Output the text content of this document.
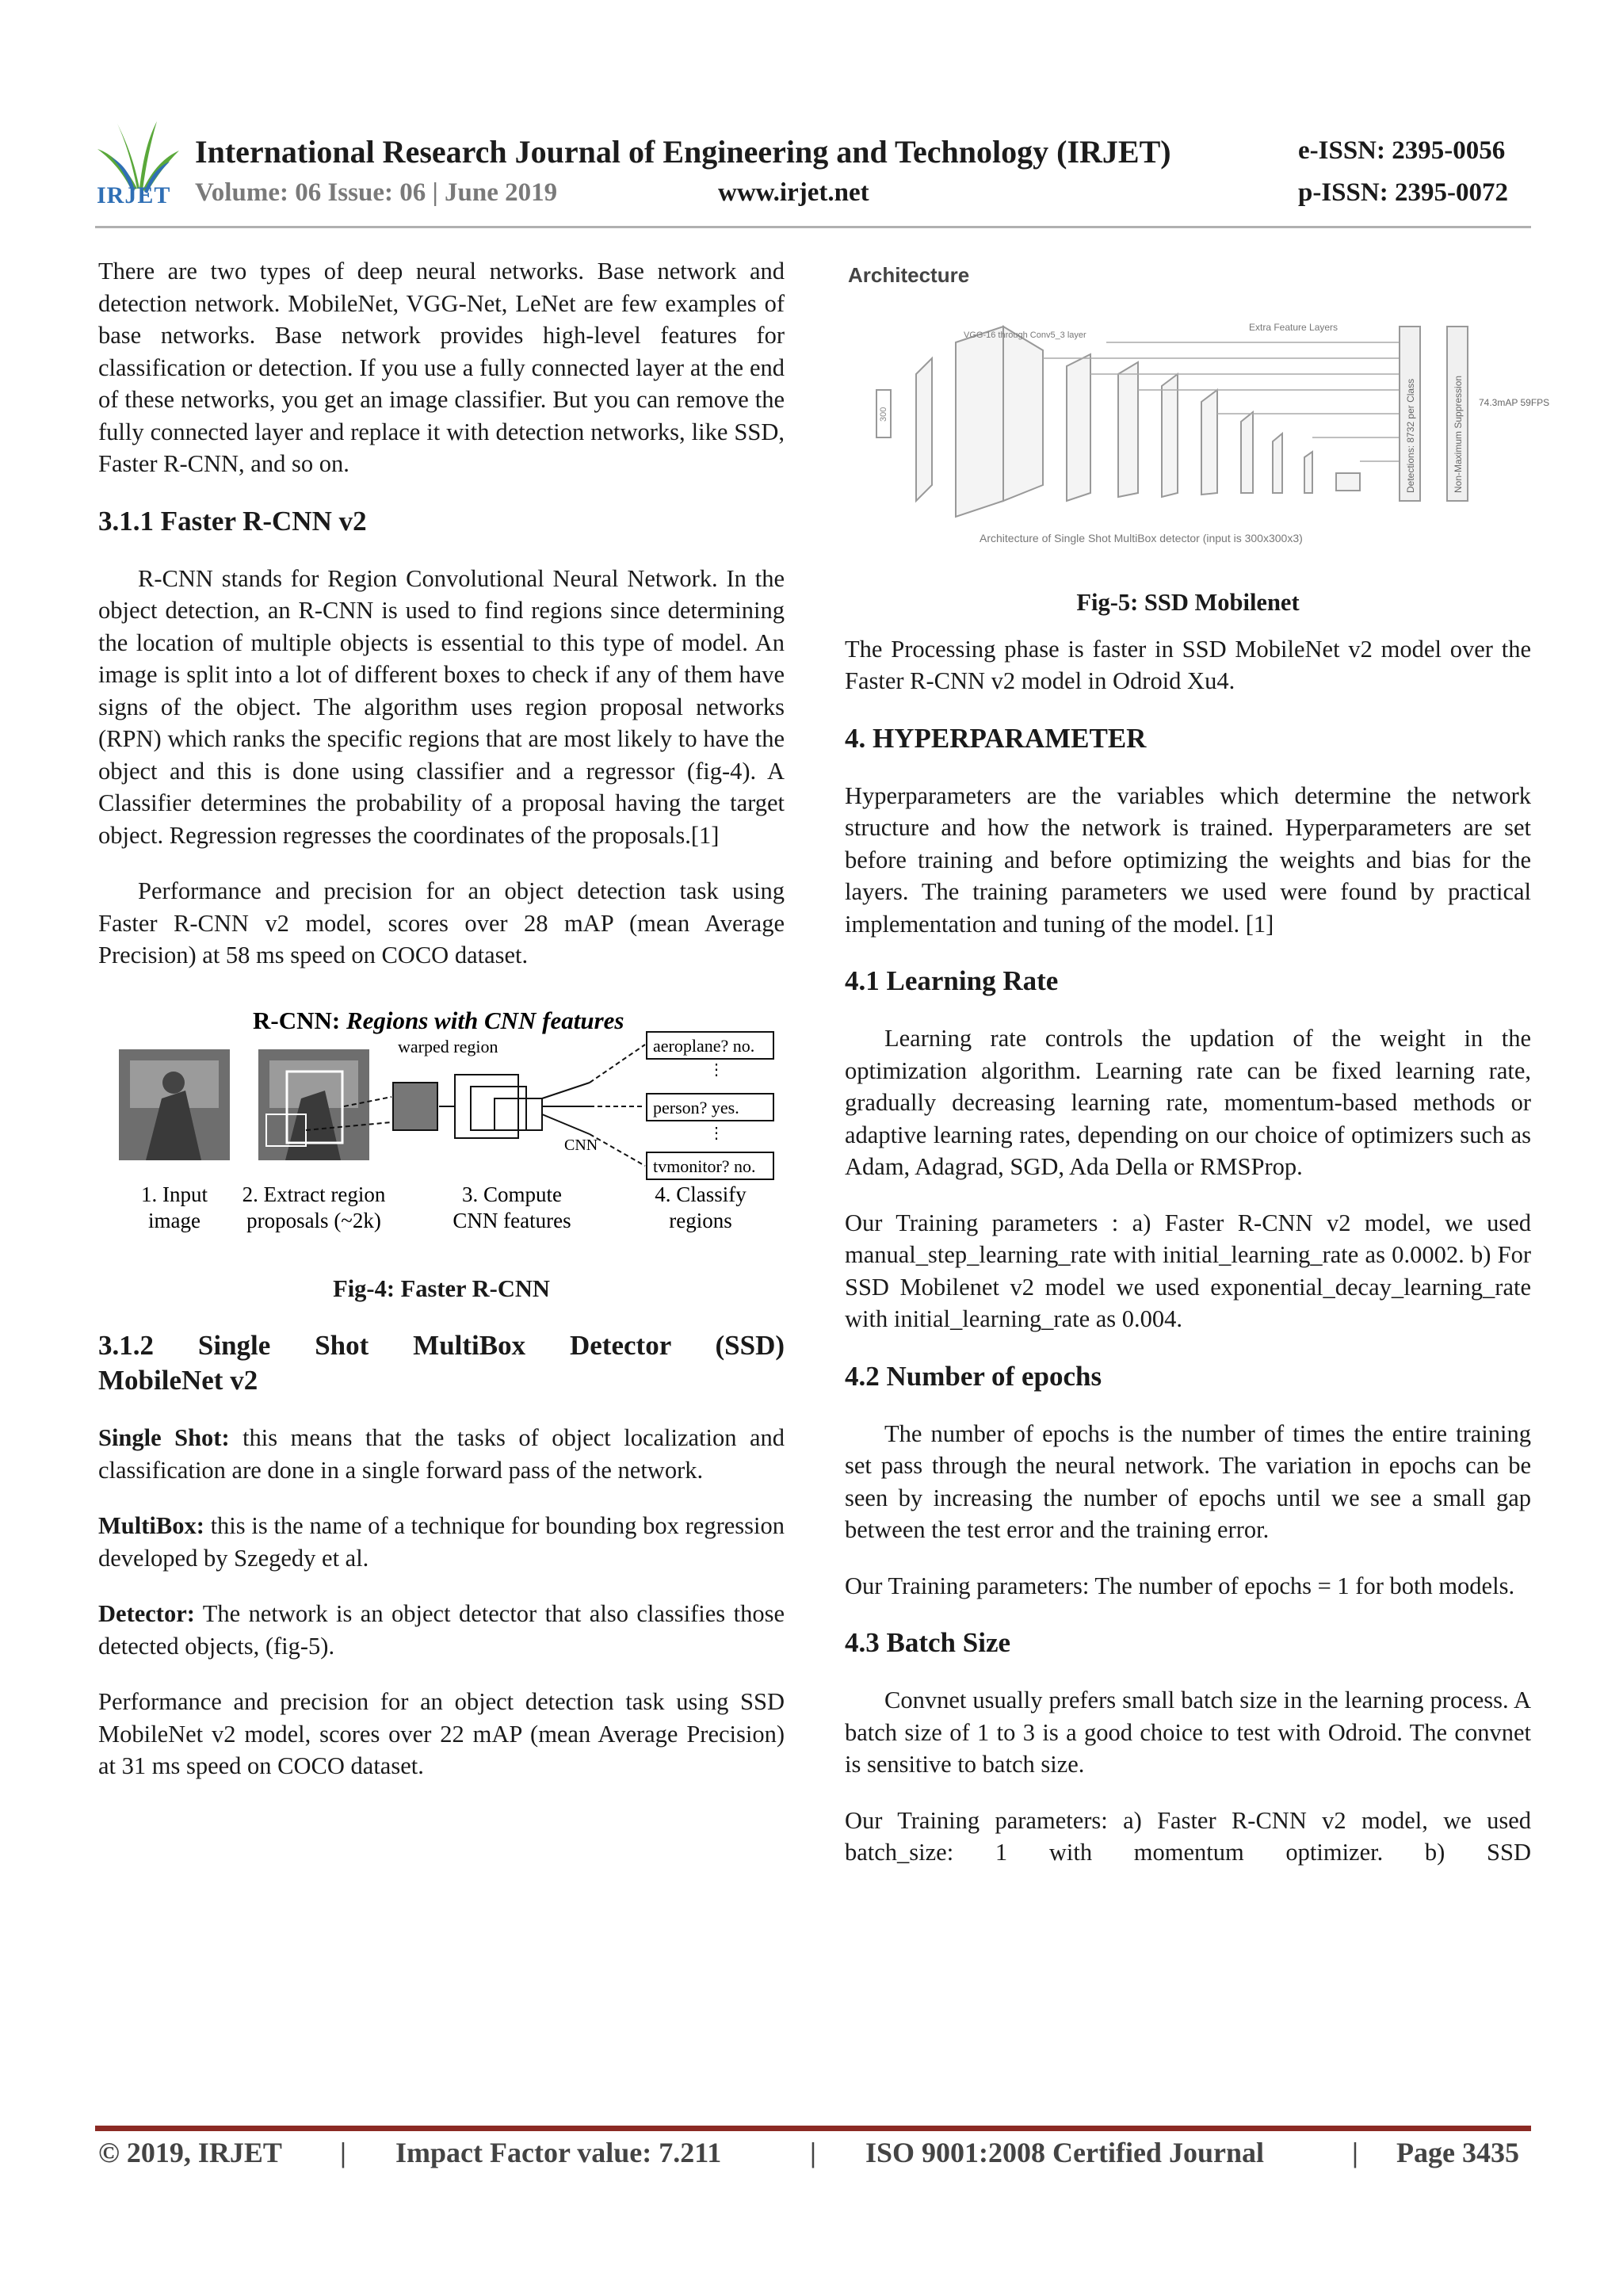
IRJET
International Research Journal of Engineering and Technology (IRJET)	e-ISSN: 2395-0056
Volume: 06 Issue: 06 | June 2019	www.irjet.net	p-ISSN: 2395-0072

There are two types of deep neural networks. Base network and detection network. MobileNet, VGG-Net, LeNet are few examples of base networks. Base network provides high-level features for classification or detection. If you use a fully connected layer at the end of these networks, you get an image classifier. But you can remove the fully connected layer and replace it with detection networks, like SSD, Faster R-CNN, and so on.

3.1.1 Faster R-CNN v2

R-CNN stands for Region Convolutional Neural Network. In the object detection, an R-CNN is used to find regions since determining the location of multiple objects is essential to this type of model. An image is split into a lot of different boxes to check if any of them have signs of the object. The algorithm uses region proposal networks (RPN) which ranks the specific regions that are most likely to have the object and this is done using classifier and a regressor (fig-4). A Classifier determines the probability of a proposal having the target object. Regression regresses the coordinates of the proposals.[1]

Performance and precision for an object detection task using Faster R-CNN v2 model, scores over 28 mAP (mean Average Precision) at 58 ms speed on COCO dataset.

R-CNN: Regions with CNN features
warped region
CNN
aeroplane? no.
person? yes.
tvmonitor? no.
⋮
⋮
1. Input
image
2. Extract region
proposals (~2k)
3. Compute
CNN features
4. Classify
regions
Fig-4: Faster R-CNN
3.1.2 Single Shot MultiBox Detector (SSD)
MobileNet v2

Single Shot: this means that the tasks of object localization and classification are done in a single forward pass of the network.

MultiBox: this is the name of a technique for bounding box regression developed by Szegedy et al.

Detector: The network is an object detector that also classifies those detected objects, (fig-5).

Performance and precision for an object detection task using SSD MobileNet v2 model, scores over 22 mAP (mean Average Precision) at 31 ms speed on COCO dataset.

Architecture
300
VGG-16 through Conv5_3 layer
Extra Feature Layers
Detections: 8732 per Class	Non-Maximum Suppression 74.3mAP 59FPS
Architecture of Single Shot MultiBox detector (input is 300x300x3)
Fig-5: SSD Mobilenet

The Processing phase is faster in SSD MobileNet v2 model over the Faster R-CNN v2 model in Odroid Xu4.

4. HYPERPARAMETER

Hyperparameters are the variables which determine the network structure and how the network is trained. Hyperparameters are set before training and before optimizing the weights and bias for the layers. The training parameters we used were found by practical implementation and tuning of the model. [1]

4.1 Learning Rate

Learning rate controls the updation of the weight in the optimization algorithm. Learning rate can be fixed learning rate, gradually decreasing learning rate, momentum-based methods or adaptive learning rates, depending on our choice of optimizers such as Adam, Adagrad, SGD, Ada Della or RMSProp.

Our Training parameters : a) Faster R-CNN v2 model, we used manual_step_learning_rate with initial_learning_rate as 0.0002. b) For SSD Mobilenet v2 model we used exponential_decay_learning_rate with initial_learning_rate as 0.004.

4.2 Number of epochs

The number of epochs is the number of times the entire training set pass through the neural network. The variation in epochs can be seen by increasing the number of epochs until we see a small gap between the test error and the training error.

Our Training parameters: The number of epochs = 1 for both models.

4.3 Batch Size

Convnet usually prefers small batch size in the learning process. A batch size of 1 to 3 is a good choice to test with Odroid. The convnet is sensitive to batch size.

Our Training parameters: a) Faster R-CNN v2 model, we used batch_size: 1 with momentum optimizer. b) SSD

© 2019, IRJET | Impact Factor value: 7.211	| ISO 9001:2008 Certified Journal	| Page 3435
